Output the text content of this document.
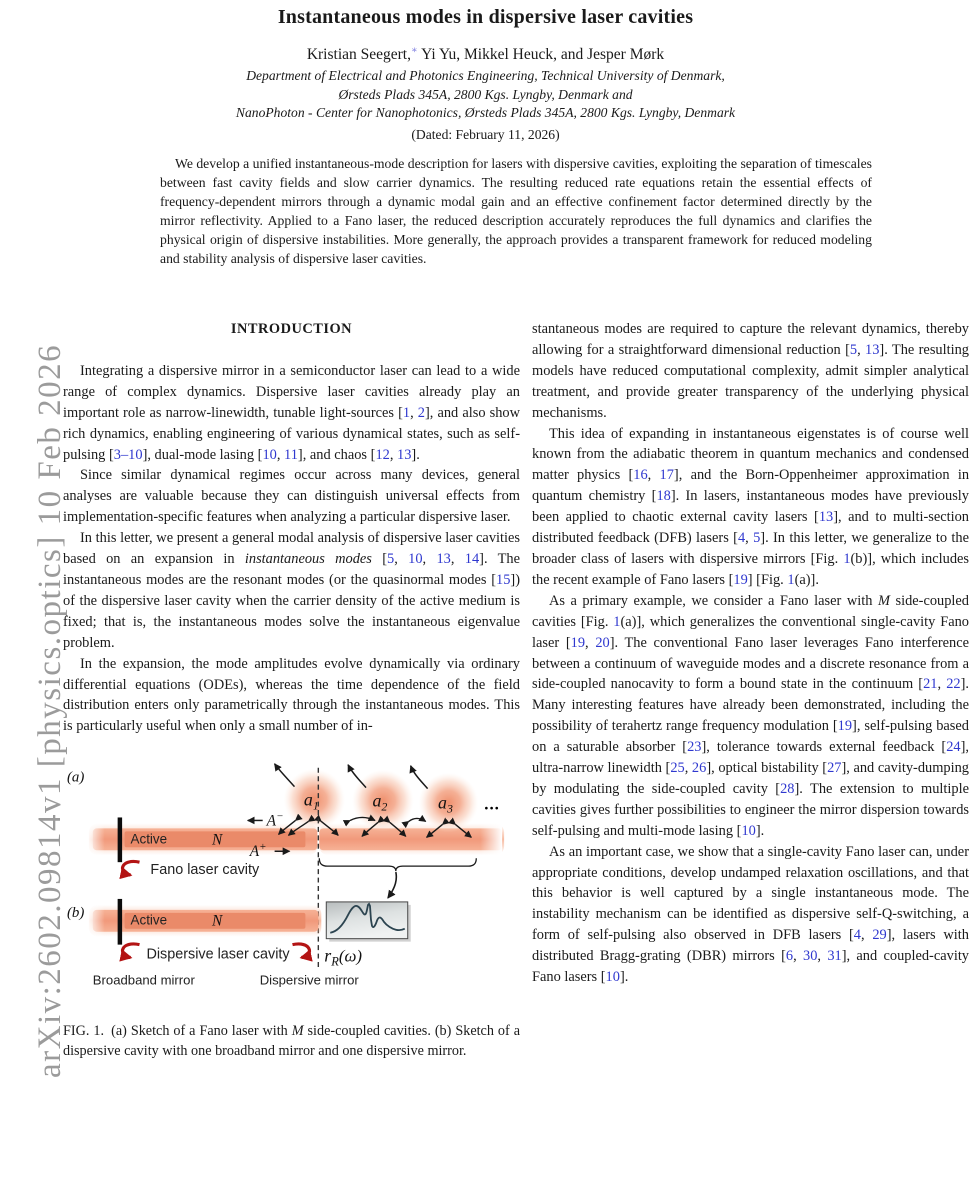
arXiv:2602.09814v1 [physics.optics] 10 Feb 2026
Instantaneous modes in dispersive laser cavities
Kristian Seegert,∗ Yi Yu, Mikkel Heuck, and Jesper Mørk
Department of Electrical and Photonics Engineering, Technical University of Denmark,
Ørsteds Plads 345A, 2800 Kgs. Lyngby, Denmark and
NanoPhoton - Center for Nanophotonics, Ørsteds Plads 345A, 2800 Kgs. Lyngby, Denmark
(Dated: February 11, 2026)
We develop a unified instantaneous-mode description for lasers with dispersive cavities, exploiting the separation of timescales between fast cavity fields and slow carrier dynamics. The resulting reduced rate equations retain the essential effects of frequency-dependent mirrors through a dynamic modal gain and an effective confinement factor determined directly by the mirror reflectivity. Applied to a Fano laser, the reduced description accurately reproduces the full dynamics and clarifies the physical origin of dispersive instabilities. More generally, the approach provides a transparent framework for reduced modeling and stability analysis of dispersive laser cavities.
INTRODUCTION

Integrating a dispersive mirror in a semiconductor laser can lead to a wide range of complex dynamics. Dispersive laser cavities already play an important role as narrow-linewidth, tunable light-sources [1, 2], and also show rich dynamics, enabling engineering of various dynamical states, such as self-pulsing [3–10], dual-mode lasing [10, 11], and chaos [12, 13].

Since similar dynamical regimes occur across many devices, general analyses are valuable because they can distinguish universal effects from implementation-specific features when analyzing a particular dispersive laser.

In this letter, we present a general modal analysis of dispersive laser cavities based on an expansion in instantaneous modes [5, 10, 13, 14]. The instantaneous modes are the resonant modes (or the quasinormal modes [15]) of the dispersive laser cavity when the carrier density of the active medium is fixed; that is, the instantaneous modes solve the instantaneous eigenvalue problem.

In the expansion, the mode amplitudes evolve dynamically via ordinary differential equations (ODEs), whereas the time dependence of the field distribution enters only parametrically through the instantaneous modes. This is particularly useful when only a small number of in-

(a)
Active	N
$a_1$	$a_2$	$a_3$ ...
A−
A+
Fano laser cavity
(b)	Active	N
Dispersive laser cavity $r_R(\omega)$
Broadband mirror	Dispersive mirror
FIG. 1. (a) Sketch of a Fano laser with M side-coupled cavities. (b) Sketch of a dispersive cavity with one broadband mirror and one dispersive mirror.

stantaneous modes are required to capture the relevant dynamics, thereby allowing for a straightforward dimensional reduction [5, 13]. The resulting models have reduced computational complexity, admit simpler analytical treatment, and provide greater transparency of the underlying physical mechanisms.

This idea of expanding in instantaneous eigenstates is of course well known from the adiabatic theorem in quantum mechanics and condensed matter physics [16, 17], and the Born-Oppenheimer approximation in quantum chemistry [18]. In lasers, instantaneous modes have previously been applied to chaotic external cavity lasers [13], and to multi-section distributed feedback (DFB) lasers [4, 5]. In this letter, we generalize to the broader class of lasers with dispersive mirrors [Fig. 1(b)], which includes the recent example of Fano lasers [19] [Fig. 1(a)].

As a primary example, we consider a Fano laser with M side-coupled cavities [Fig. 1(a)], which generalizes the conventional single-cavity Fano laser [19, 20]. The conventional Fano laser leverages Fano interference between a continuum of waveguide modes and a discrete resonance from a side-coupled nanocavity to form a bound state in the continuum [21, 22]. Many interesting features have already been demonstrated, including the possibility of terahertz range frequency modulation [19], self-pulsing based on a saturable absorber [23], tolerance towards external feedback [24], ultra-narrow linewidth [25, 26], optical bistability [27], and cavity-dumping by modulating the side-coupled cavity [28]. The extension to multiple cavities gives further possibilities to engineer the mirror dispersion towards self-pulsing and multi-mode lasing [10].

As an important case, we show that a single-cavity Fano laser can, under appropriate conditions, develop undamped relaxation oscillations, and that this behavior is well captured by a single instantaneous mode. The instability mechanism can be identified as dispersive self-Q-switching, a form of self-pulsing also observed in DFB lasers [4, 29], lasers with distributed Bragg-grating (DBR) mirrors [6, 30, 31], and coupled-cavity Fano lasers [10].
